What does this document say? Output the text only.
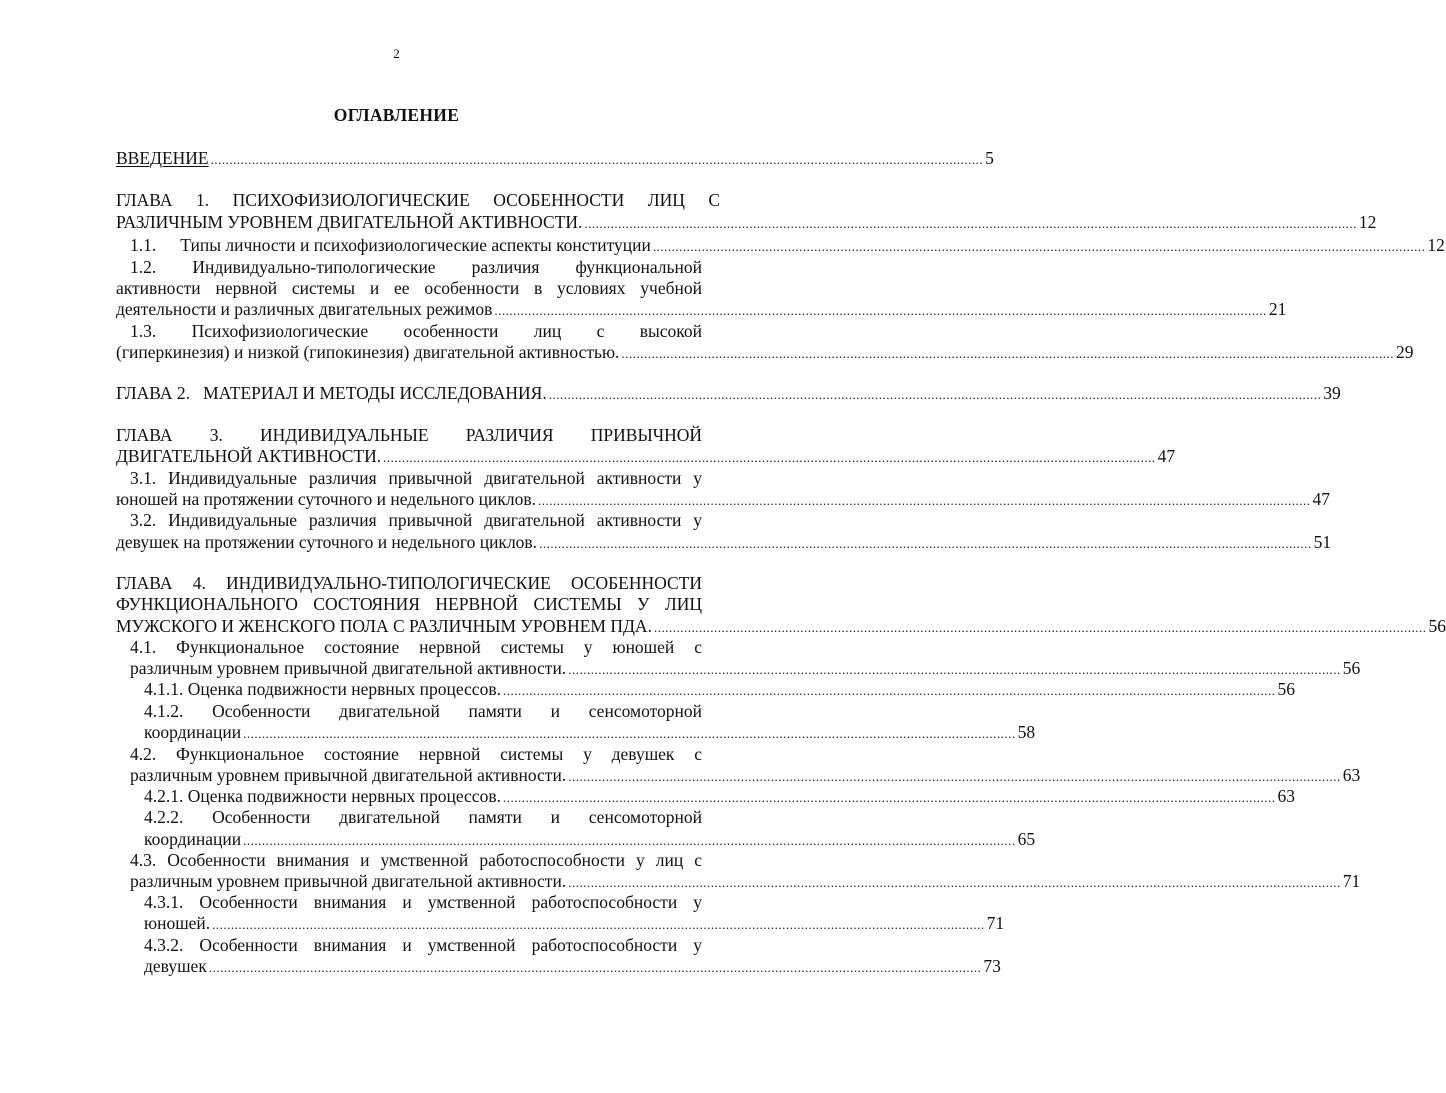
2
ОГЛАВЛЕНИЕ
ВВЕДЕНИЕ .............................................................................................................................................................................................................. 5
ГЛАВА 1. ПСИХОФИЗИОЛОГИЧЕСКИЕ ОСОБЕННОСТИ ЛИЦ С
РАЗЛИЧНЫМ УРОВНЕМ ДВИГАТЕЛЬНОЙ АКТИВНОСТИ. .............................................................................................................................................................................................................. 12
1.1. Типы личности и психофизиологические аспекты конституции .............................................................................................................................................................................................................. 12
1.2. Индивидуально-типологические различия функциональной
активности нервной системы и ее особенности в условиях учебной
деятельности и различных двигательных режимов .............................................................................................................................................................................................................. 21
1.3. Психофизиологические особенности лиц с высокой
(гиперкинезия) и низкой (гипокинезия) двигательной активностью. .............................................................................................................................................................................................................. 29
ГЛАВА 2.   МАТЕРИАЛ И МЕТОДЫ ИССЛЕДОВАНИЯ. .............................................................................................................................................................................................................. 39
ГЛАВА 3. ИНДИВИДУАЛЬНЫЕ РАЗЛИЧИЯ ПРИВЫЧНОЙ
ДВИГАТЕЛЬНОЙ АКТИВНОСТИ. .............................................................................................................................................................................................................. 47
3.1. Индивидуальные различия привычной двигательной активности у
юношей на протяжении суточного и недельного циклов. .............................................................................................................................................................................................................. 47
3.2. Индивидуальные различия привычной двигательной активности у
девушек на протяжении суточного и недельного циклов. .............................................................................................................................................................................................................. 51
ГЛАВА 4. ИНДИВИДУАЛЬНО-ТИПОЛОГИЧЕСКИЕ ОСОБЕННОСТИ
ФУНКЦИОНАЛЬНОГО СОСТОЯНИЯ НЕРВНОЙ СИСТЕМЫ У ЛИЦ
МУЖСКОГО И ЖЕНСКОГО ПОЛА С РАЗЛИЧНЫМ УРОВНЕМ ПДА. .............................................................................................................................................................................................................. 56
4.1. Функциональное состояние нервной системы у юношей с
различным уровнем привычной двигательной активности. .............................................................................................................................................................................................................. 56
4.1.1. Оценка подвижности нервных процессов. .............................................................................................................................................................................................................. 56
4.1.2. Особенности двигательной памяти и сенсомоторной
координации .............................................................................................................................................................................................................. 58
4.2. Функциональное состояние нервной системы у девушек с
различным уровнем привычной двигательной активности. .............................................................................................................................................................................................................. 63
4.2.1. Оценка подвижности нервных процессов. .............................................................................................................................................................................................................. 63
4.2.2. Особенности двигательной памяти и сенсомоторной
координации .............................................................................................................................................................................................................. 65
4.3. Особенности внимания и умственной работоспособности у лиц с
различным уровнем привычной двигательной активности. .............................................................................................................................................................................................................. 71
4.3.1. Особенности внимания и умственной работоспособности у
юношей. .............................................................................................................................................................................................................. 71
4.3.2. Особенности внимания и умственной работоспособности у
девушек .............................................................................................................................................................................................................. 73
